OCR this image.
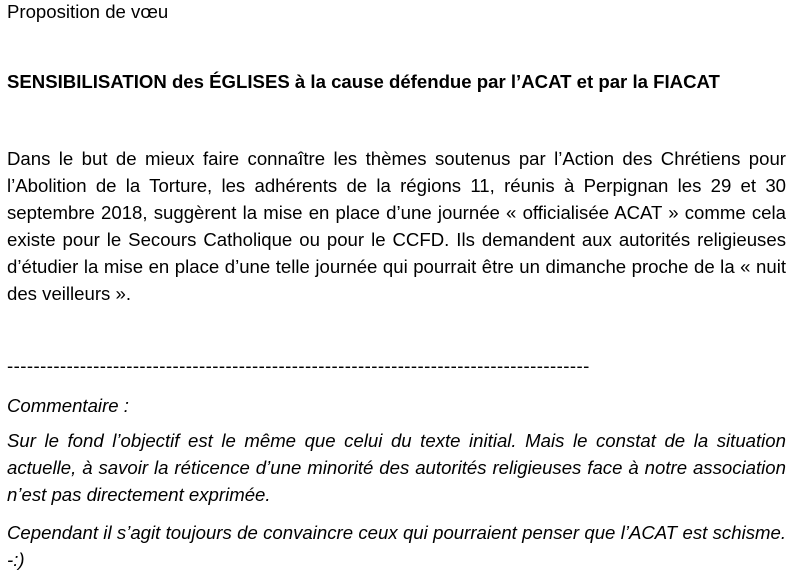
Proposition de vœu
SENSIBILISATION des ÉGLISES à la cause défendue par l’ACAT et par la FIACAT

Dans le but de mieux faire connaître les thèmes soutenus par l’Action des Chrétiens pour l’Abolition de la Torture, les adhérents de la régions 11, réunis à Perpignan les 29 et 30 septembre 2018, suggèrent la mise en place d’une journée « officialisée ACAT » comme cela existe pour le Secours Catholique ou pour le CCFD. Ils demandent aux autorités religieuses d’étudier la mise en place d’une telle journée qui pourrait être un dimanche proche de la « nuit des veilleurs ».

----------------------------------------------------------------------------------------
Commentaire :

Sur le fond l’objectif est le même que celui du texte initial. Mais le constat de la situation actuelle, à savoir la réticence d’une minorité des autorités religieuses face à notre association n’est pas directement exprimée.

Cependant il s’agit toujours de convaincre ceux qui pourraient penser que l’ACAT est schisme. -:)
